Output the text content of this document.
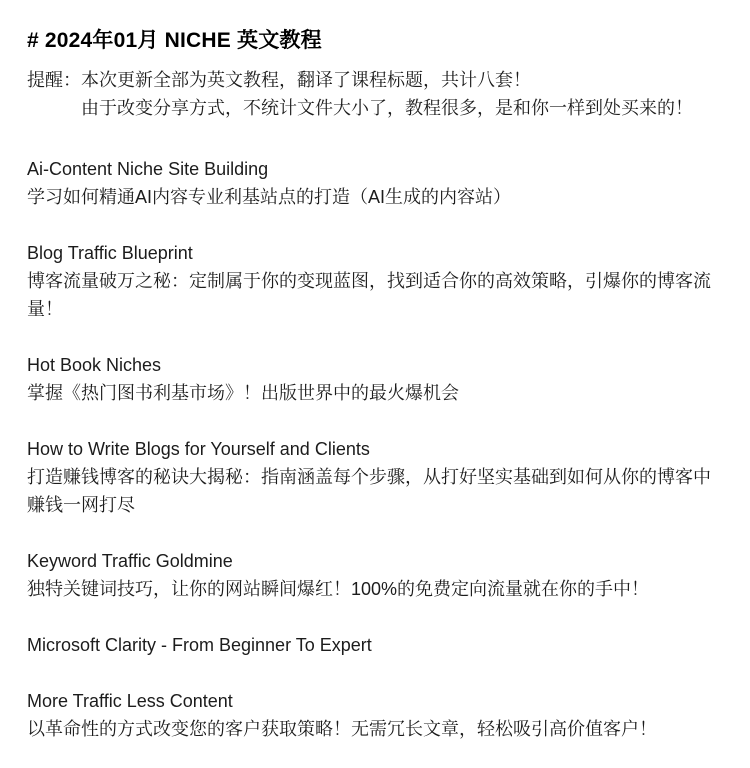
# 2024年01月 NICHE 英文教程
提醒：本次更新全部为英文教程，翻译了课程标题，共计八套！
由于改变分享方式，不统计文件大小了，教程很多，是和你一样到处买来的！
Ai-Content Niche Site Building
学习如何精通AI内容专业利基站点的打造（AI生成的内容站）
Blog Traffic Blueprint
博客流量破万之秘：定制属于你的变现蓝图，找到适合你的高效策略，引爆你的博客流量！
Hot Book Niches
掌握《热门图书利基市场》！出版世界中的最火爆机会
How to Write Blogs for Yourself and Clients
打造赚钱博客的秘诀大揭秘：指南涵盖每个步骤，从打好坚实基础到如何从你的博客中赚钱一网打尽
Keyword Traffic Goldmine
独特关键词技巧，让你的网站瞬间爆红！100%的免费定向流量就在你的手中！
Microsoft Clarity - From Beginner To Expert
More Traffic Less Content
以革命性的方式改变您的客户获取策略！无需冗长文章，轻松吸引高价值客户！
